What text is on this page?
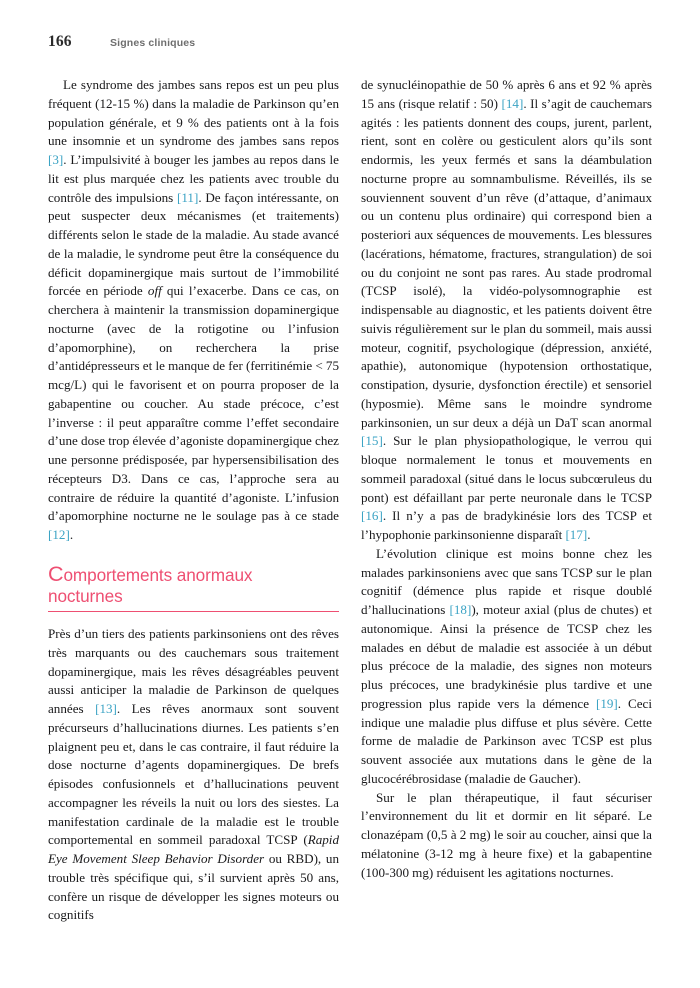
166	Signes cliniques

Le syndrome des jambes sans repos est un peu plus fréquent (12-15 %) dans la maladie de Parkinson qu’en population générale, et 9 % des patients ont à la fois une insomnie et un syndrome des jambes sans repos [3]. L’impulsivité à bouger les jambes au repos dans le lit est plus marquée chez les patients avec trouble du contrôle des impulsions [11]. De façon intéressante, on peut suspecter deux mécanismes (et traitements) différents selon le stade de la maladie. Au stade avancé de la maladie, le syndrome peut être la conséquence du déficit dopaminergique mais surtout de l’immobilité forcée en période off qui l’exacerbe. Dans ce cas, on cherchera à maintenir la transmission dopaminergique nocturne (avec de la rotigotine ou l’infusion d’apomorphine), on recherchera la prise d’antidépresseurs et le manque de fer (ferritinémie < 75 mcg/L) qui le favorisent et on pourra proposer de la gabapentine ou coucher. Au stade précoce, c’est l’inverse : il peut apparaître comme l’effet secondaire d’une dose trop élevée d’agoniste dopaminergique chez une personne prédisposée, par hypersensibilisation des récepteurs D3. Dans ce cas, l’approche sera au contraire de réduire la quantité d’agoniste. L’infusion d’apomorphine nocturne ne le soulage pas à ce stade [12].

Comportements anormaux
nocturnes

Près d’un tiers des patients parkinsoniens ont des rêves très marquants ou des cauchemars sous traitement dopaminergique, mais les rêves désagréables peuvent aussi anticiper la maladie de Parkinson de quelques années [13]. Les rêves anormaux sont souvent précurseurs d’hallucinations diurnes. Les patients s’en plaignent peu et, dans le cas contraire, il faut réduire la dose nocturne d’agents dopaminergiques. De brefs épisodes confusionnels et d’hallucinations peuvent accompagner les réveils la nuit ou lors des siestes. La manifestation cardinale de la maladie est le trouble comportemental en sommeil paradoxal TCSP (Rapid Eye Movement Sleep Behavior Disorder ou RBD), un trouble très spécifique qui, s’il survient après 50 ans, confère un risque de développer les signes moteurs ou cognitifs

de synucléinopathie de 50 % après 6 ans et 92 % après 15 ans (risque relatif : 50) [14]. Il s’agit de cauchemars agités : les patients donnent des coups, jurent, parlent, rient, sont en colère ou gesticulent alors qu’ils sont endormis, les yeux fermés et sans la déambulation nocturne propre au somnambulisme. Réveillés, ils se souviennent souvent d’un rêve (d’attaque, d’animaux ou un contenu plus ordinaire) qui correspond bien a posteriori aux séquences de mouvements. Les blessures (lacérations, hématome, fractures, strangulation) de soi ou du conjoint ne sont pas rares. Au stade prodromal (TCSP isolé), la vidéo-polysomnographie est indispensable au diagnostic, et les patients doivent être suivis régulièrement sur le plan du sommeil, mais aussi moteur, cognitif, psychologique (dépression, anxiété, apathie), autonomique (hypotension orthostatique, constipation, dysurie, dysfonction érectile) et sensoriel (hyposmie). Même sans le moindre syndrome parkinsonien, un sur deux a déjà un DaT scan anormal [15]. Sur le plan physiopathologique, le verrou qui bloque normalement le tonus et mouvements en sommeil paradoxal (situé dans le locus subcœruleus du pont) est défaillant par perte neuronale dans le TCSP [16]. Il n’y a pas de bradykinésie lors des TCSP et l’hypophonie parkinsonienne disparaît [17].

L’évolution clinique est moins bonne chez les malades parkinsoniens avec que sans TCSP sur le plan cognitif (démence plus rapide et risque doublé d’hallucinations [18]), moteur axial (plus de chutes) et autonomique. Ainsi la présence de TCSP chez les malades en début de maladie est associée à un début plus précoce de la maladie, des signes non moteurs plus précoces, une bradykinésie plus tardive et une progression plus rapide vers la démence [19]. Ceci indique une maladie plus diffuse et plus sévère. Cette forme de maladie de Parkinson avec TCSP est plus souvent associée aux mutations dans le gène de la glucocérébrosidase (maladie de Gaucher).

Sur le plan thérapeutique, il faut sécuriser l’environnement du lit et dormir en lit séparé. Le clonazépam (0,5 à 2 mg) le soir au coucher, ainsi que la mélatonine (3-12 mg à heure fixe) et la gabapentine (100-300 mg) réduisent les agitations nocturnes.
